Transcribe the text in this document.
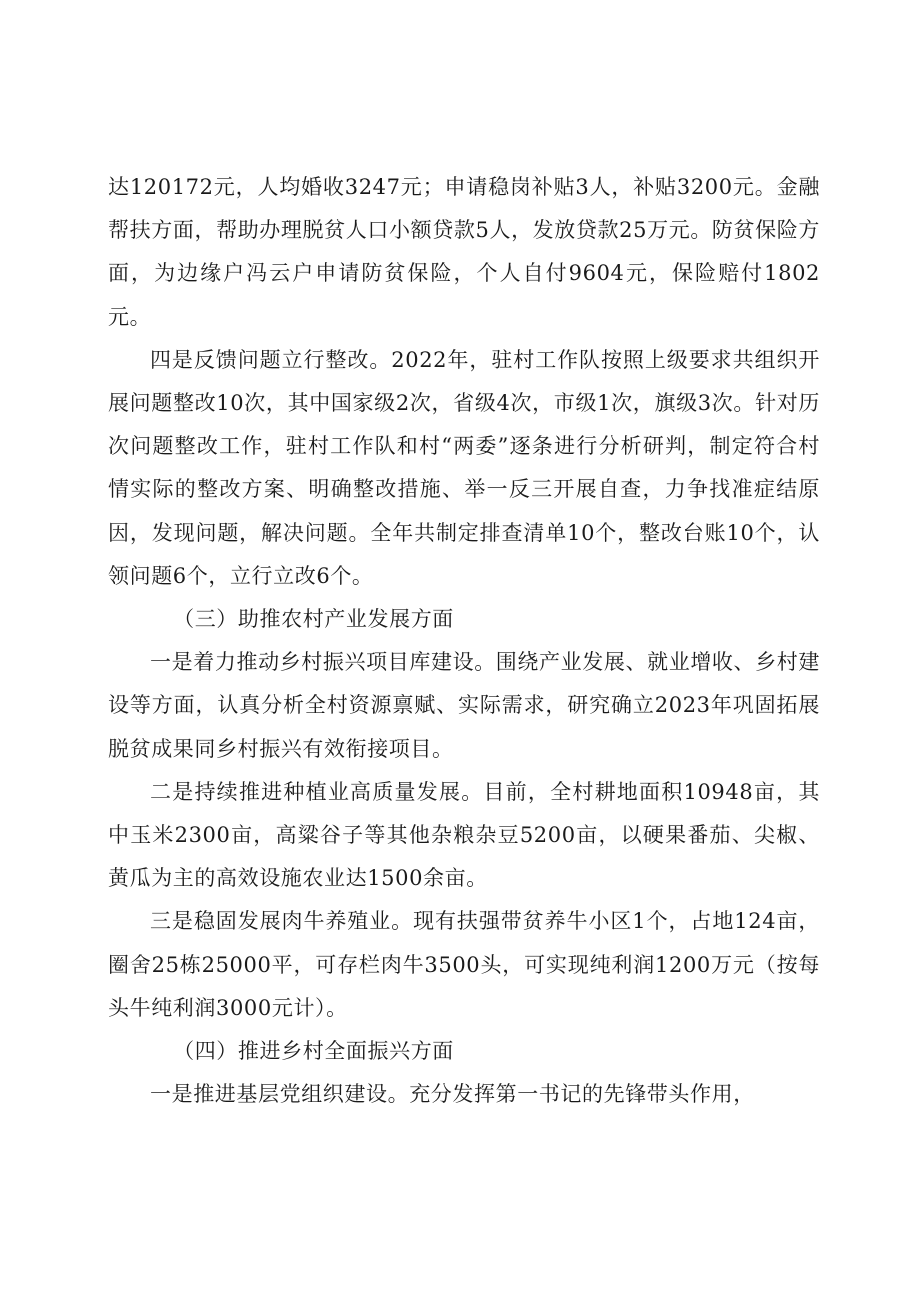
达120172元，人均婚收3247元；申请稳岗补贴3人，补贴3200元。金融帮扶方面，帮助办理脱贫人口小额贷款5人，发放贷款25万元。防贫保险方面，为边缘户冯云户申请防贫保险，个人自付9604元，保险赔付1802元。

四是反馈问题立行整改。2022年，驻村工作队按照上级要求共组织开展问题整改10次，其中国家级2次，省级4次，市级1次，旗级3次。针对历次问题整改工作，驻村工作队和村“两委”逐条进行分析研判，制定符合村情实际的整改方案、明确整改措施、举一反三开展自查，力争找准症结原因，发现问题，解决问题。全年共制定排查清单10个，整改台账10个，认领问题6个，立行立改6个。

（三）助推农村产业发展方面

一是着力推动乡村振兴项目库建设。围绕产业发展、就业增收、乡村建设等方面，认真分析全村资源禀赋、实际需求，研究确立2023年巩固拓展脱贫成果同乡村振兴有效衔接项目。

二是持续推进种植业高质量发展。目前，全村耕地面积10948亩，其中玉米2300亩，高粱谷子等其他杂粮杂豆5200亩，以硬果番茄、尖椒、黄瓜为主的高效设施农业达1500余亩。

三是稳固发展肉牛养殖业。现有扶强带贫养牛小区1个，占地124亩，圈舍25栋25000平，可存栏肉牛3500头，可实现纯利润1200万元（按每头牛纯利润3000元计）。

（四）推进乡村全面振兴方面

一是推进基层党组织建设。充分发挥第一书记的先锋带头作用，
